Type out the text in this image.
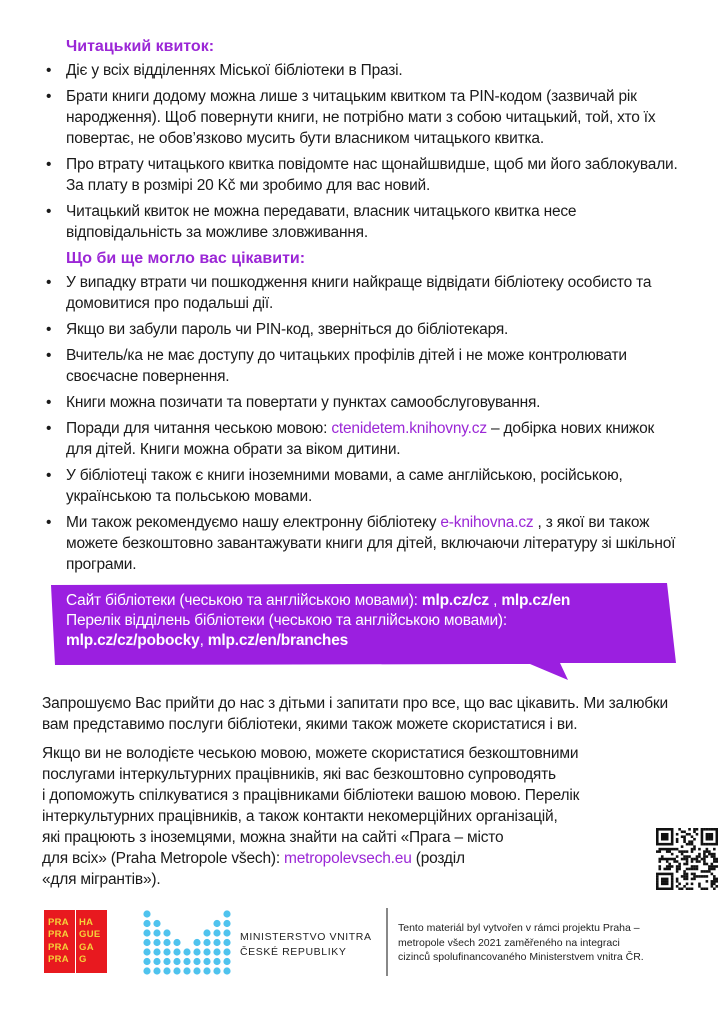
Читацький квиток:
• Діє у всіх відділеннях Міської бібліотеки в Празі.
• Брати книги додому можна лише з читацьким квитком та PIN-кодом (зазвичай рік народження). Щоб повернути книги, не потрібно мати з собою читацький, той, хто їх повертає, не обов’язково мусить бути власником читацького квитка.
• Про втрату читацького квитка повідомте нас щонайшвидше, щоб ми його заблокували. За плату в розмірі 20 Kč ми зробимо для вас новий.
• Читацький квиток не можна передавати, власник читацького квитка несе відповідальність за можливе зловживання.
Що би ще могло вас цікавити:
• У випадку втрати чи пошкодження книги найкраще відвідати бібліотеку особисто та домовитися про подальші дії.
• Якщо ви забули пароль чи PIN-код, зверніться до бібліотекаря.
• Вчитель/ка не має доступу до читацьких профілів дітей і не може контролювати своєчасне повернення.
• Книги можна позичати та повертати у пунктах самообслуговування.
• Поради для читання чеською мовою: ctenidetem.knihovny.cz – добірка нових книжок для дітей. Книги можна обрати за віком дитини.
• У бібліотеці також є книги іноземними мовами, а саме англійською, російською, українською та польською мовами.
• Ми також рекомендуємо нашу електронну бібліотеку e-knihovna.cz , з якої ви також можете безкоштовно завантажувати книги для дітей, включаючи літературу зі шкільної програми.
Сайт бібліотеки (чеською та англійською мовами): mlp.cz/cz , mlp.cz/en
Перелік відділень бібліотеки (чеською та англійською мовами):
mlp.cz/cz/pobocky, mlp.cz/en/branches

Запрошуємо Вас прийти до нас з дітьми і запитати про все, що вас цікавить. Ми залюбки вам представимо послуги бібліотеки, якими також можете скористатися і ви.

Якщо ви не володієте чеською мовою, можете скористатися безкоштовними
послугами інтеркультурних працівників, які вас безкоштовно супроводять
і допоможуть спілкуватися з працівниками бібліотеки вашою мовою. Перелік
інтеркультурних працівників, а також контакти некомерційних організацій,
які працюють з іноземцями, можна знайти на сайті «Прага – місто
для всіх» (Praha Metropole všech): metropolevsech.eu (розділ
«для мігрантів»).
PRA
PRA
PRA
PRA
HA
GUE
GA
G
MINISTERSTVO VNITRA
ČESKÉ REPUBLIKY
Tento materiál byl vytvořen v rámci projektu Praha –
metropole všech 2021 zaměřeného na integraci
cizinců spolufinancovaného Ministerstvem vnitra ČR.
